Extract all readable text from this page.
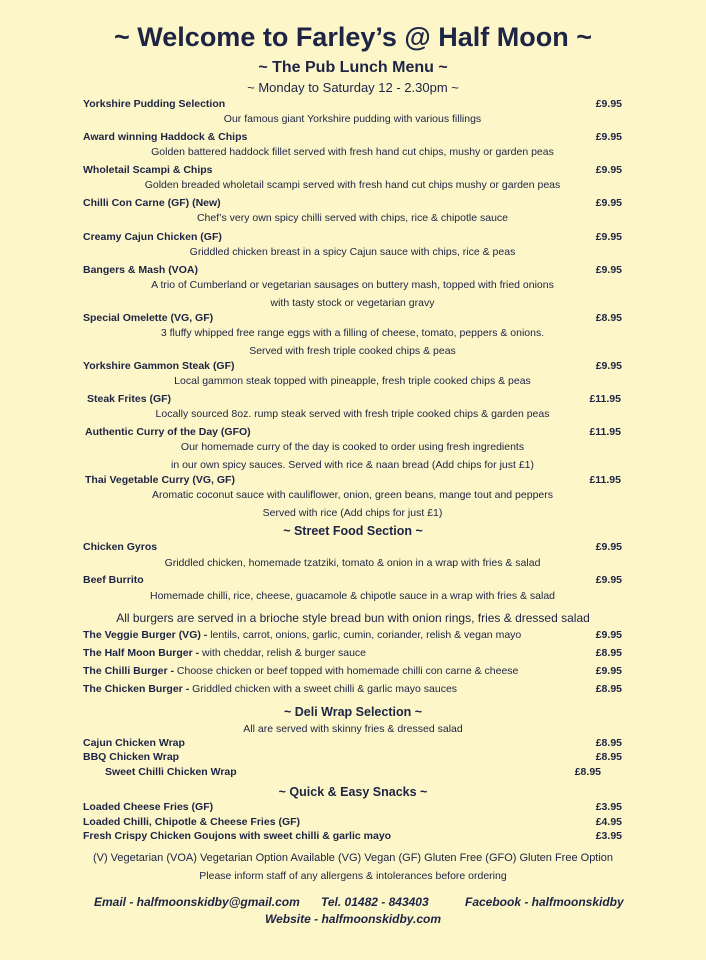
~ Welcome to Farley’s @ Half Moon ~
~ The Pub Lunch Menu ~
~ Monday to Saturday 12 - 2.30pm ~
Yorkshire Pudding Selection	£9.95
Our famous giant Yorkshire pudding with various fillings
Award winning Haddock & Chips	£9.95
Golden battered haddock fillet served with fresh hand cut chips, mushy or garden peas
Wholetail Scampi & Chips	£9.95
Golden breaded wholetail scampi served with fresh hand cut chips mushy or garden peas
Chilli Con Carne (GF) (New)	£9.95
Chef’s very own spicy chilli served with chips, rice & chipotle sauce
Creamy Cajun Chicken (GF)	£9.95
Griddled chicken breast in a spicy Cajun sauce with chips, rice & peas
Bangers & Mash (VOA)	£9.95
A trio of Cumberland or vegetarian sausages on buttery mash, topped with fried onions
with tasty stock or vegetarian gravy
Special Omelette (VG, GF)	£8.95
3 fluffy whipped free range eggs with a filling of cheese, tomato, peppers & onions.
Served with fresh triple cooked chips & peas
Yorkshire Gammon Steak (GF)	£9.95
Local gammon steak topped with pineapple, fresh triple cooked chips & peas
Steak Frites (GF)	£11.95
Locally sourced 8oz. rump steak served with fresh triple cooked chips & garden peas
Authentic Curry of the Day (GFO)	£11.95
Our homemade curry of the day is cooked to order using fresh ingredients
in our own spicy sauces. Served with rice & naan bread (Add chips for just £1)
Thai Vegetable Curry (VG, GF)	£11.95
Aromatic coconut sauce with cauliflower, onion, green beans, mange tout and peppers
Served with rice (Add chips for just £1)
~ Street Food Section ~
Chicken Gyros	£9.95
Griddled chicken, homemade tzatziki, tomato & onion in a wrap with fries & salad
Beef Burrito	£9.95
Homemade chilli, rice, cheese, guacamole & chipotle sauce in a wrap with fries & salad
All burgers are served in a brioche style bread bun with onion rings, fries & dressed salad
The Veggie Burger (VG) - lentils, carrot, onions, garlic, cumin, coriander, relish & vegan mayo	£9.95
The Half Moon Burger - with cheddar, relish & burger sauce	£8.95
The Chilli Burger - Choose chicken or beef topped with homemade chilli con carne & cheese	£9.95
The Chicken Burger - Griddled chicken with a sweet chilli & garlic mayo sauces	£8.95
~ Deli Wrap Selection ~
All are served with skinny fries & dressed salad
Cajun Chicken Wrap	£8.95
BBQ Chicken Wrap	£8.95
Sweet Chilli Chicken Wrap	£8.95
~ Quick & Easy Snacks ~
Loaded Cheese Fries (GF)	£3.95
Loaded Chilli, Chipotle & Cheese Fries (GF)	£4.95
Fresh Crispy Chicken Goujons with sweet chilli & garlic mayo	£3.95
(V) Vegetarian (VOA) Vegetarian Option Available (VG) Vegan (GF) Gluten Free (GFO) Gluten Free Option
Please inform staff of any allergens & intolerances before ordering
Email - halfmoonskidby@gmail.com Tel. 01482 - 843403	Facebook - halfmoonskidby
Website - halfmoonskidby.com
